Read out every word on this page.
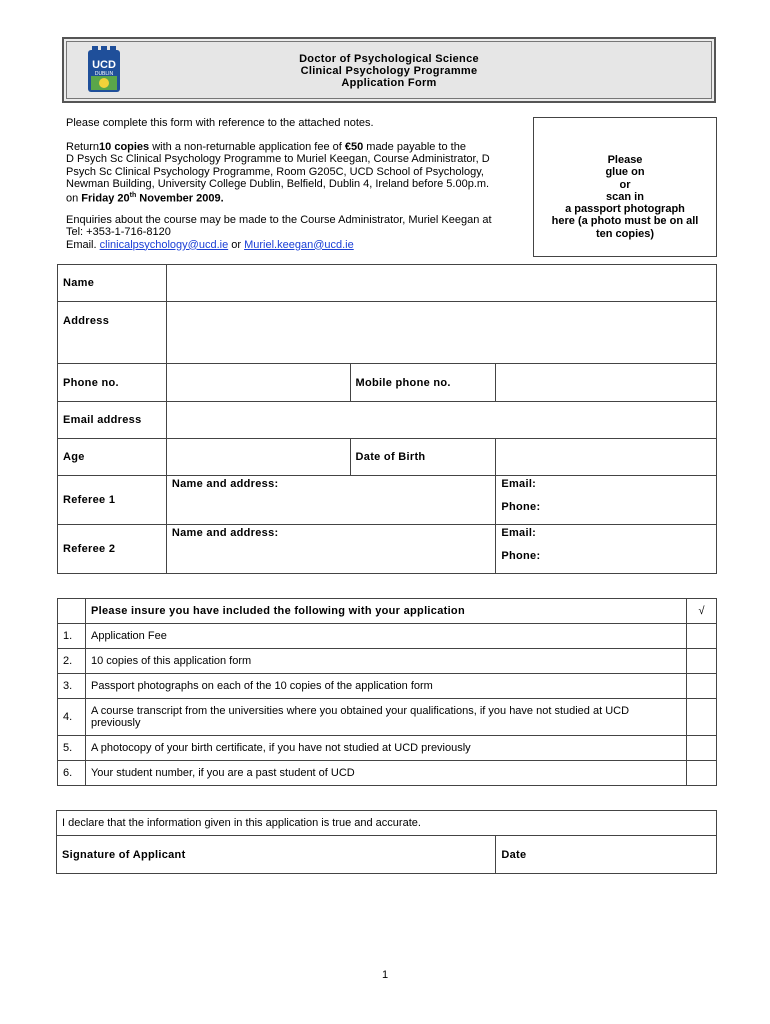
UCD
DUBLIN
Doctor of Psychological Science
Clinical Psychology Programme
Application Form
Please complete this form with reference to the attached notes.
Return10 copies with a non-returnable application fee of €50 made payable to the
D Psych Sc Clinical Psychology Programme to Muriel Keegan, Course Administrator, D
Psych Sc Clinical Psychology Programme, Room G205C, UCD School of Psychology,
Newman Building, University College Dublin, Belfield, Dublin 4, Ireland before 5.00p.m.
on Friday 20th November 2009.
Enquiries about the course may be made to the Course Administrator, Muriel Keegan at
Tel: +353-1-716-8120
Email. clinicalpsychology@ucd.ie or Muriel.keegan@ucd.ie
Please
glue on
or
scan in
a passport photograph
here (a photo must be on all
ten copies)
Name			
Address			
Phone no.		Mobile phone no.	
Email address			
Age		Date of Birth	
Referee 1	Name and address:		Email:
Phone:

Referee 2	Name and address:		Email:
Phone:
	Please insure you have included the following with your application	√
1.	Application Fee	
2.	10 copies of this application form	
3.	Passport photographs on each of the 10 copies of the application form	
4.	A course transcript from the universities where you obtained your qualifications, if you have not studied at UCD previously	
5.	A photocopy of your birth certificate, if you have not studied at UCD previously	
6.	Your student number, if you are a past student of UCD	
I declare that the information given in this application is true and accurate.
Signature of Applicant	Date
1
